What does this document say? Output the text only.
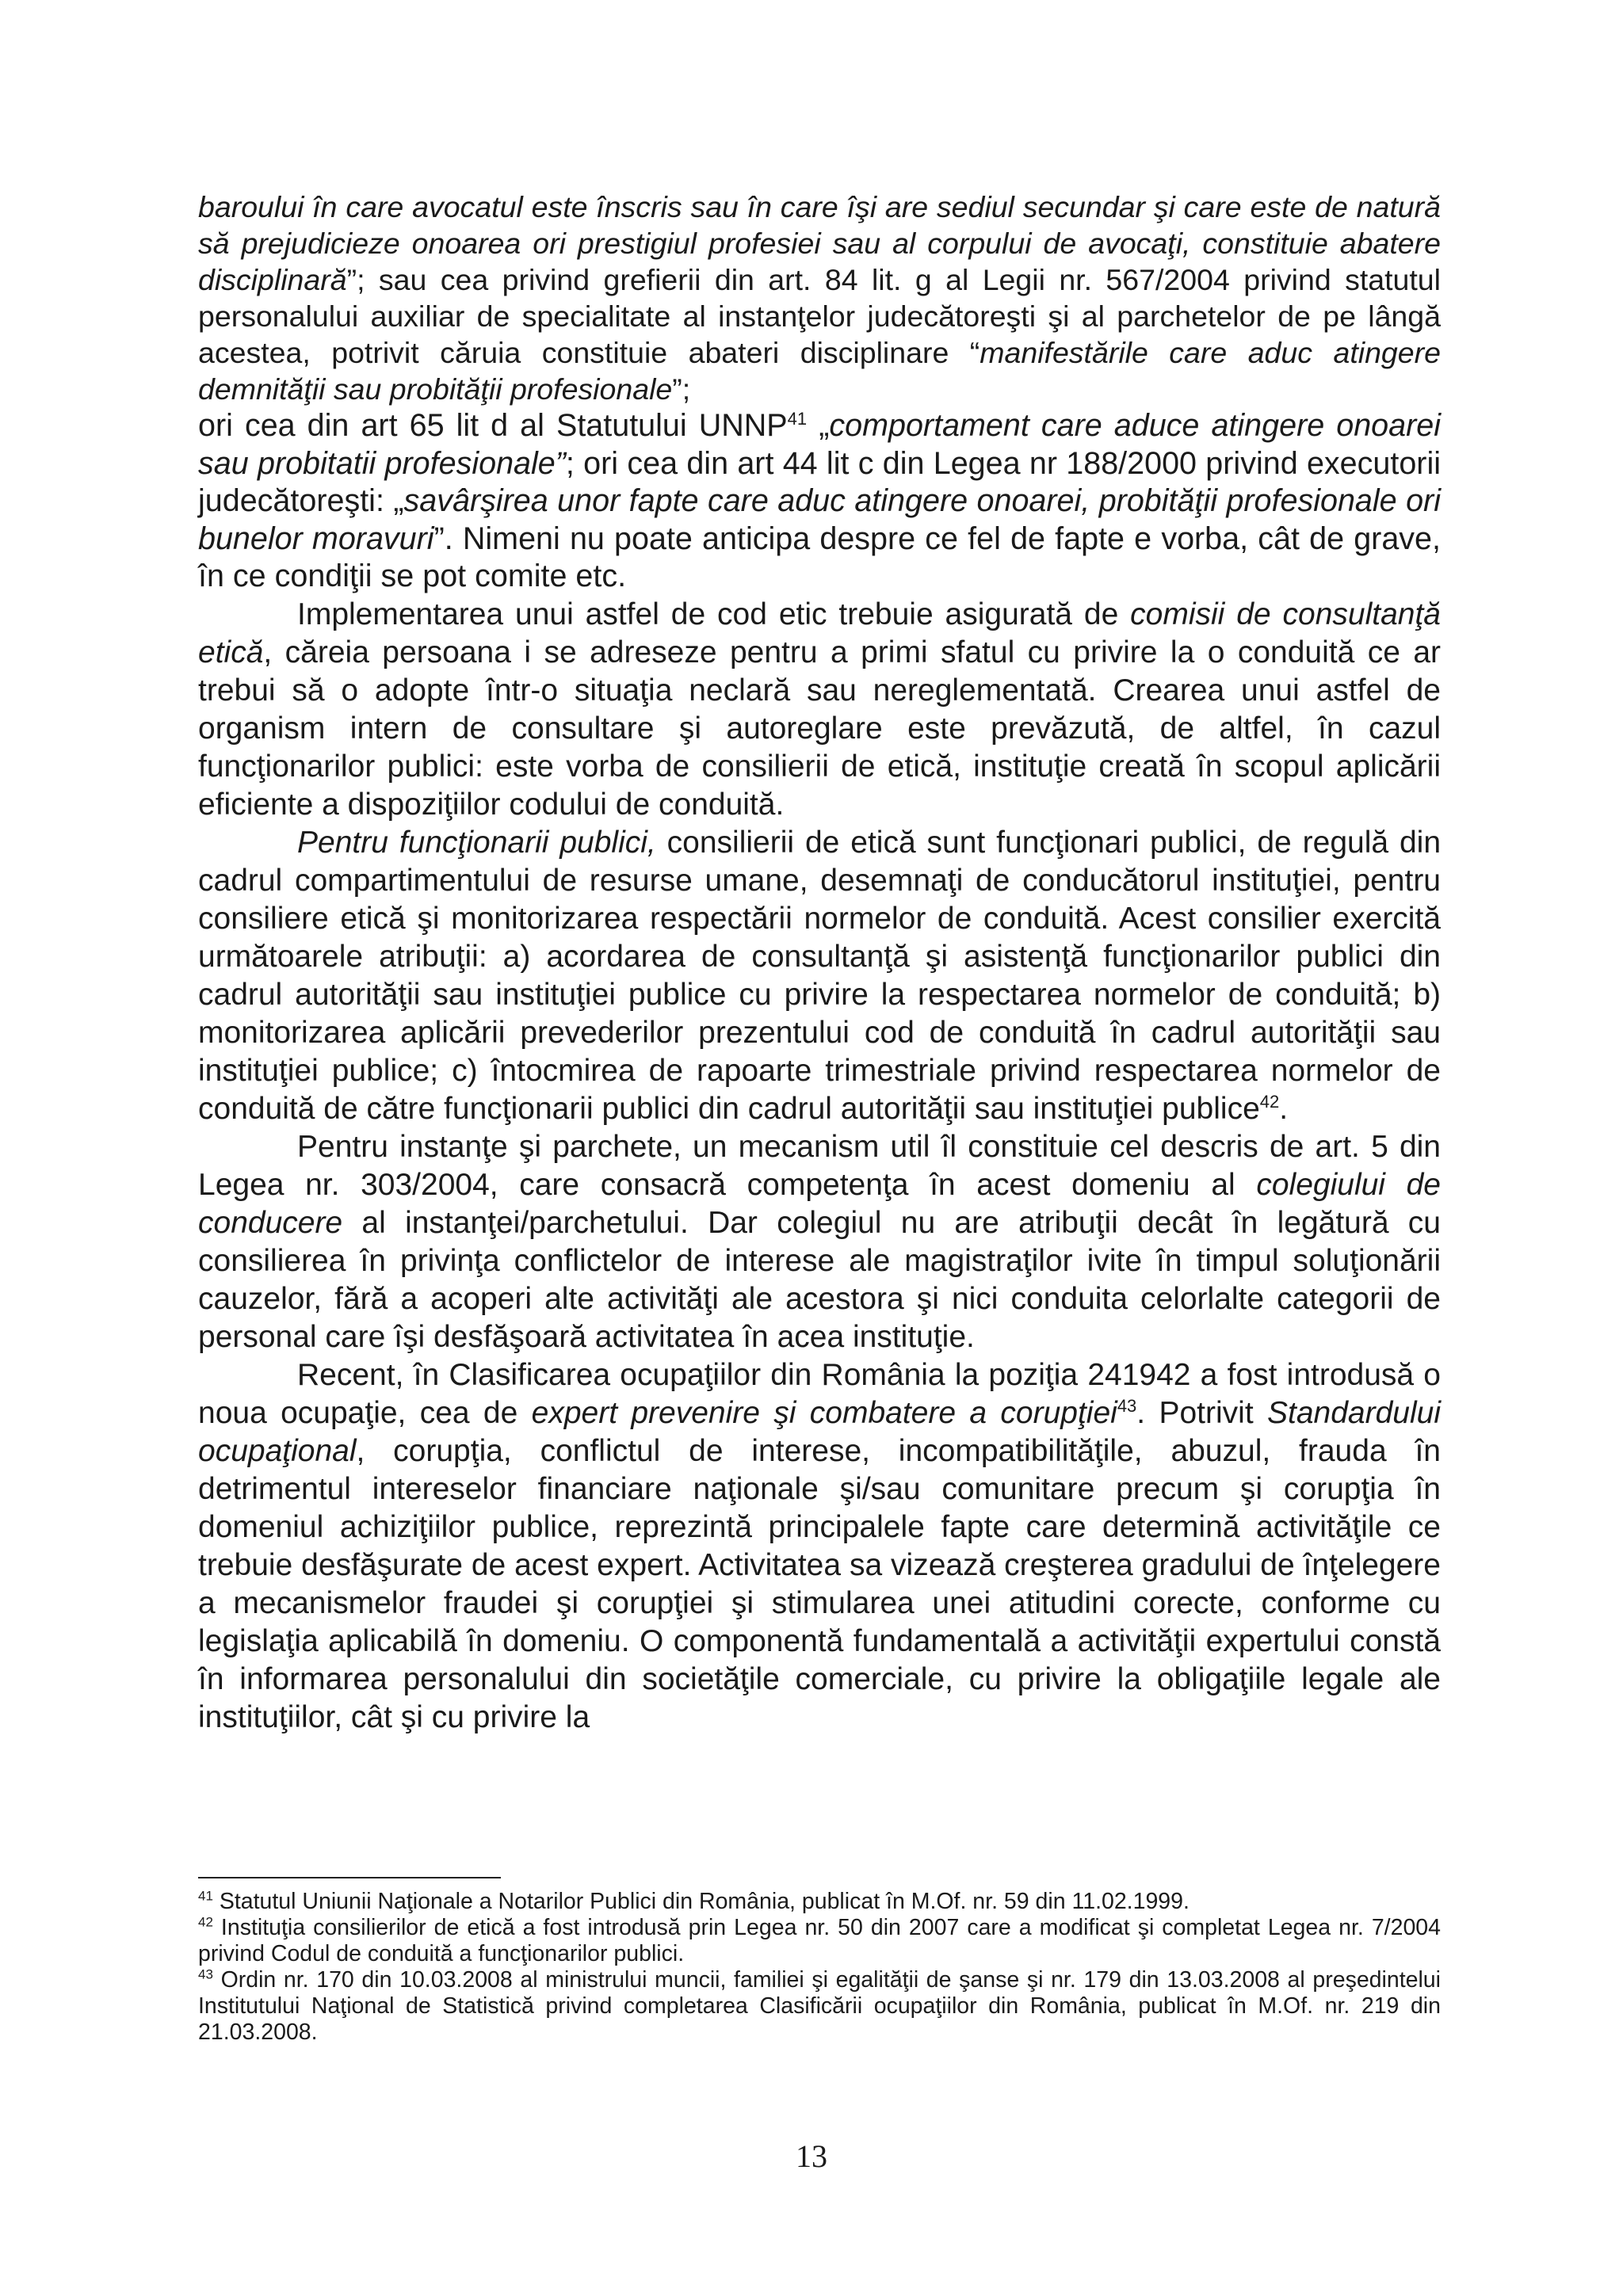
baroului în care avocatul este înscris sau în care îşi are sediul secundar şi care este de natură să prejudicieze onoarea ori prestigiul profesiei sau al corpului de avocaţi, constituie abatere disciplinară”; sau cea privind grefierii din art. 84 lit. g al Legii nr. 567/2004 privind statutul personalului auxiliar de specialitate al instanţelor judecătoreşti şi al parchetelor de pe lângă acestea, potrivit căruia constituie abateri disciplinare “manifestările care aduc atingere demnităţii sau probităţii profesionale”;

ori cea din art 65 lit d al Statutului UNNP$^{41}$ „comportament care aduce atingere onoarei sau probitatii profesionale”; ori cea din art 44 lit c din Legea nr 188/2000 privind executorii judecătoreşti: „savârşirea unor fapte care aduc atingere onoarei, probităţii profesionale ori bunelor moravuri”. Nimeni nu poate anticipa despre ce fel de fapte e vorba, cât de grave, în ce condiţii se pot comite etc.

Implementarea unui astfel de cod etic trebuie asigurată de comisii de consultanţă etică, căreia persoana i se adreseze pentru a primi sfatul cu privire la o conduită ce ar trebui să o adopte într-o situaţia neclară sau nereglementată. Crearea unui astfel de organism intern de consultare şi autoreglare este prevăzută, de altfel, în cazul funcţionarilor publici: este vorba de consilierii de etică, instituţie creată în scopul aplicării eficiente a dispoziţiilor codului de conduită.

Pentru funcţionarii publici, consilierii de etică sunt funcţionari publici, de regulă din cadrul compartimentului de resurse umane, desemnaţi de conducătorul instituţiei, pentru consiliere etică şi monitorizarea respectării normelor de conduită. Acest consilier exercită următoarele atribuţii: a) acordarea de consultanţă şi asistenţă funcţionarilor publici din cadrul autorităţii sau instituţiei publice cu privire la respectarea normelor de conduită; b) monitorizarea aplicării prevederilor prezentului cod de conduită în cadrul autorităţii sau instituţiei publice; c) întocmirea de rapoarte trimestriale privind respectarea normelor de conduită de către funcţionarii publici din cadrul autorităţii sau instituţiei publice$^{42}$.

Pentru instanţe şi parchete, un mecanism util îl constituie cel descris de art. 5 din Legea nr. 303/2004, care consacră competenţa în acest domeniu al colegiului de conducere al instanţei/parchetului. Dar colegiul nu are atribuţii decât în legătură cu consilierea în privinţa conflictelor de interese ale magistraţilor ivite în timpul soluţionării cauzelor, fără a acoperi alte activităţi ale acestora şi nici conduita celorlalte categorii de personal care îşi desfăşoară activitatea în acea instituţie.

Recent, în Clasificarea ocupaţiilor din România la poziţia 241942 a fost introdusă o noua ocupaţie, cea de expert prevenire şi combatere a corupţiei$^{43}$. Potrivit Standardului ocupaţional, corupţia, conflictul de interese, incompatibilităţile, abuzul, frauda în detrimentul intereselor financiare naţionale şi/sau comunitare precum şi corupţia în domeniul achiziţiilor publice, reprezintă principalele fapte care determină activităţile ce trebuie desfăşurate de acest expert. Activitatea sa vizează creşterea gradului de înţelegere a mecanismelor fraudei şi corupţiei şi stimularea unei atitudini corecte, conforme cu legislaţia aplicabilă în domeniu. O componentă fundamentală a activităţii expertului constă în informarea personalului din societăţile comerciale, cu privire la obligaţiile legale ale instituţiilor, cât şi cu privire la

$^{41}$ Statutul Uniunii Naţionale a Notarilor Publici din România, publicat în M.Of. nr. 59 din 11.02.1999.

$^{42}$ Instituţia consilierilor de etică a fost introdusă prin Legea nr. 50 din 2007 care a modificat şi completat Legea nr. 7/2004 privind Codul de conduită a funcţionarilor publici.

$^{43}$ Ordin nr. 170 din 10.03.2008 al ministrului muncii, familiei şi egalităţii de şanse şi nr. 179 din 13.03.2008 al preşedintelui Institutului Naţional de Statistică privind completarea Clasificării ocupaţiilor din România, publicat în M.Of. nr. 219 din 21.03.2008.

13
